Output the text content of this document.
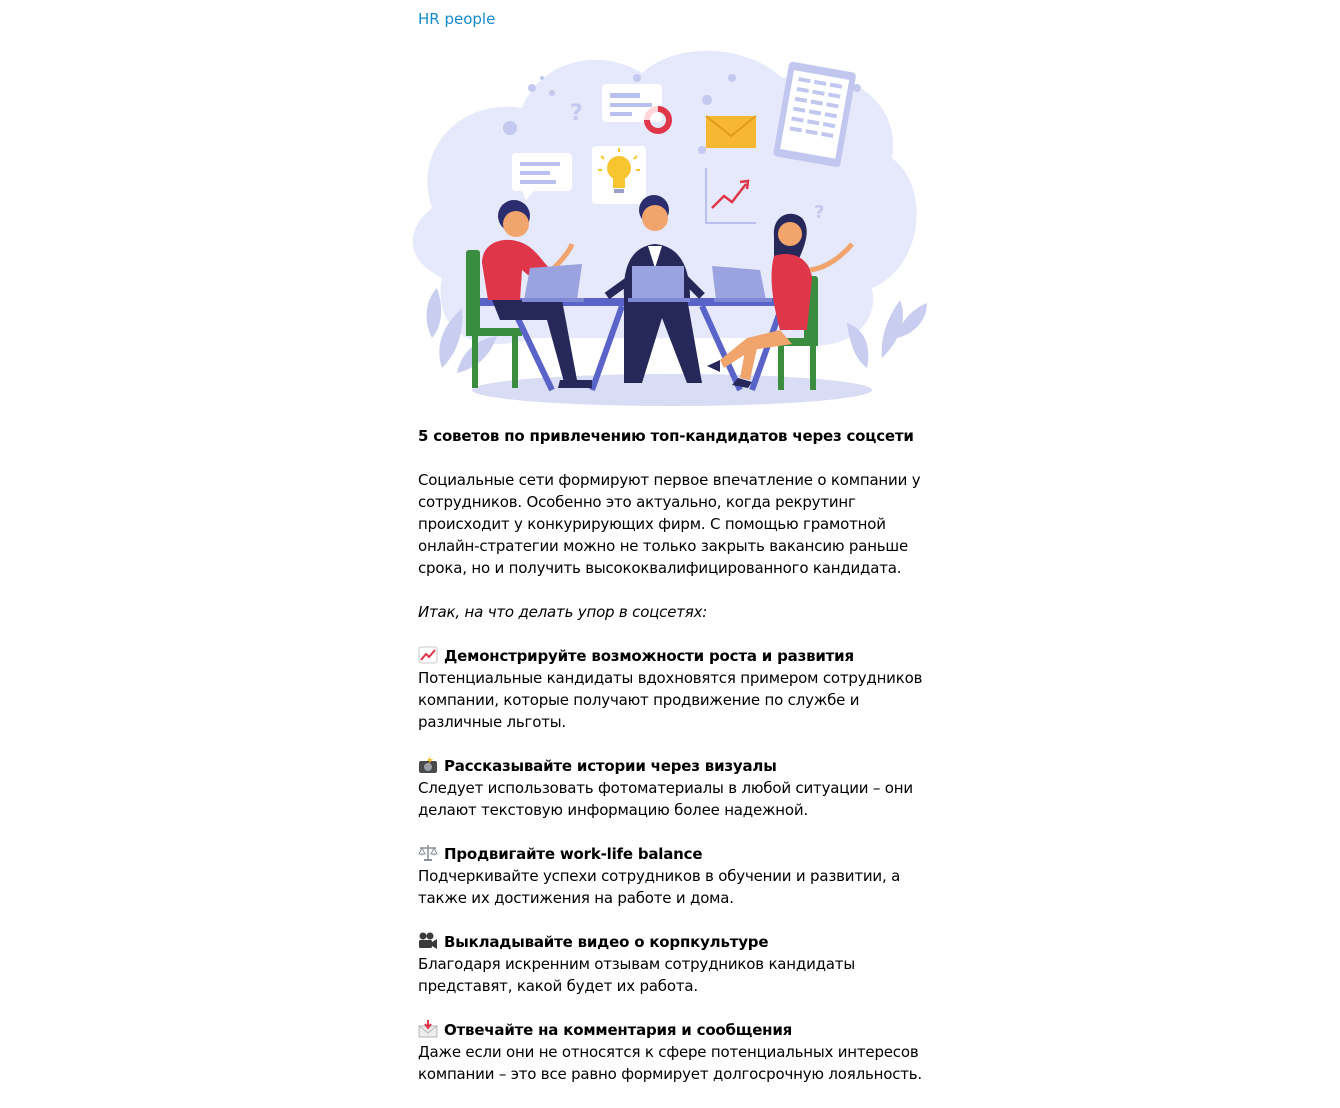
HR people
?
?

5 советов по привлечению топ-кандидатов через соцсети

Социальные сети формируют первое впечатление о компании у сотрудников. Особенно это актуально, когда рекрутинг происходит у конкурирующих фирм. С помощью грамотной онлайн-стратегии можно не только закрыть вакансию раньше срока, но и получить высококвалифицированного кандидата.

Итак, на что делать упор в соцсетях:

Демонстрируйте возможности роста и развития

Потенциальные кандидаты вдохновятся примером сотрудников компании, которые получают продвижение по службе и различные льготы.

Рассказывайте истории через визуалы

Следует использовать фотоматериалы в любой ситуации – они делают текстовую информацию более надежной.

Продвигайте work-life balance

Подчеркивайте успехи сотрудников в обучении и развитии, а также их достижения на работе и дома.

Выкладывайте видео о корпкультуре

Благодаря искренним отзывам сотрудников кандидаты представят, какой будет их работа.

Отвечайте на комментария и сообщения

Даже если они не относятся к сфере потенциальных интересов компании – это все равно формирует долгосрочную лояльность.
